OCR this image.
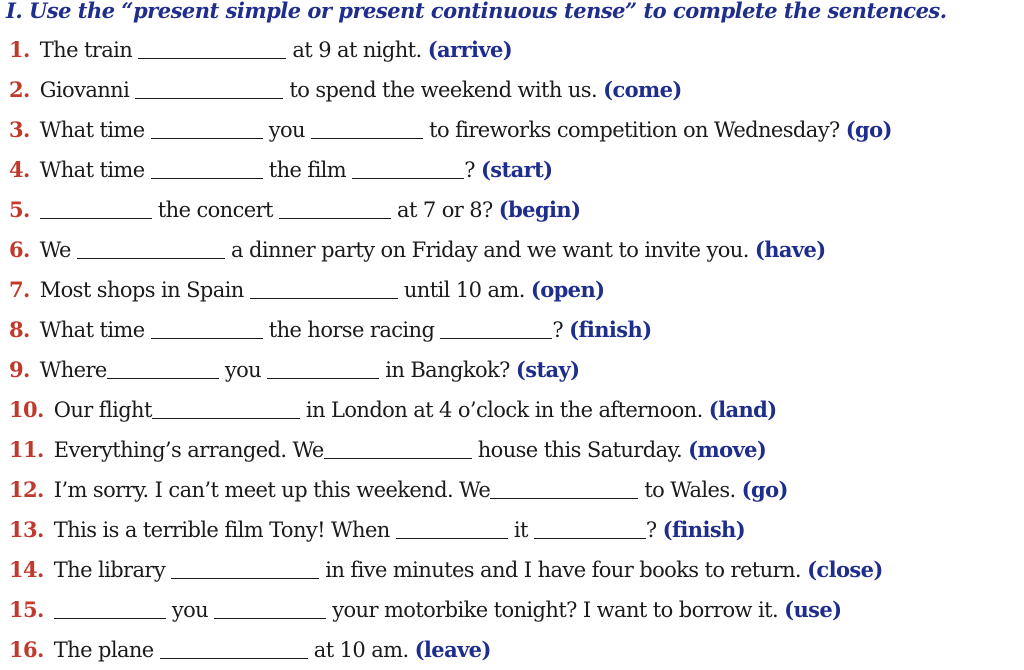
I. Use the “present simple or present continuous tense” to complete the sentences.
1. The train	at 9 at night. (arrive)
2. Giovanni	to spend the weekend with us. (come)
3. What time	you	to fireworks competition on Wednesday? (go)
4. What time	the film	? (start)
5.	the concert	at 7 or 8? (begin)
6. We	a dinner party on Friday and we want to invite you. (have)
7. Most shops in Spain	until 10 am. (open)
8. What time	the horse racing	? (finish)
9. Where	you	in Bangkok? (stay)
10. Our flight	in London at 4 o’clock in the afternoon. (land)
11. Everything’s arranged. We	house this Saturday. (move)
12. I’m sorry. I can’t meet up this weekend. We	to Wales. (go)
13. This is a terrible film Tony! When	it	? (finish)
14. The library	in five minutes and I have four books to return. (close)
15.	you	your motorbike tonight? I want to borrow it. (use)
16. The plane	at 10 am. (leave)
